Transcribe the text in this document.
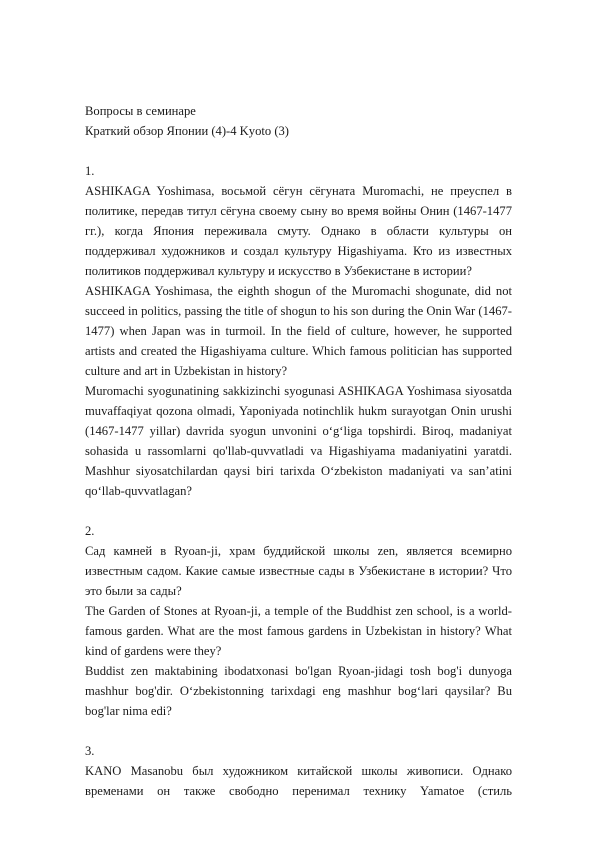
Вопросы в семинаре

Краткий обзор Японии (4)-4 Kyoto (3)

1.

ASHIKAGA Yoshimasa, восьмой сёгун сёгуната Muromachi, не преуспел в политике, передав титул сёгуна своему сыну во время войны Онин (1467-1477 гг.), когда Япония переживала смуту. Однако в области культуры он поддерживал художников и создал культуру Higashiyama. Кто из известных политиков поддерживал культуру и искусство в Узбекистане в истории?

ASHIKAGA Yoshimasa, the eighth shogun of the Muromachi shogunate, did not succeed in politics, passing the title of shogun to his son during the Onin War (1467-1477) when Japan was in turmoil. In the field of culture, however, he supported artists and created the Higashiyama culture. Which famous politician has supported culture and art in Uzbekistan in history?

Muromachi syogunatining sakkizinchi syogunasi ASHIKAGA Yoshimasa siyosatda muvaffaqiyat qozona olmadi, Yaponiyada notinchlik hukm surayotgan Onin urushi (1467-1477 yillar) davrida syogun unvonini o‘g‘liga topshirdi. Biroq, madaniyat sohasida u rassomlarni qo'llab-quvvatladi va Higashiyama madaniyatini yaratdi. Mashhur siyosatchilardan qaysi biri tarixda O‘zbekiston madaniyati va san’atini qo‘llab-quvvatlagan?

2.

Сад камней в Ryoan-ji, храм буддийской школы zen, является всемирно известным садом. Какие самые известные сады в Узбекистане в истории? Что это были за сады?

The Garden of Stones at Ryoan-ji, a temple of the Buddhist zen school, is a world-famous garden. What are the most famous gardens in Uzbekistan in history? What kind of gardens were they?

Buddist zen maktabining ibodatxonasi bo'lgan Ryoan-jidagi tosh bog'i dunyoga mashhur bog'dir. O‘zbekistonning tarixdagi eng mashhur bog‘lari qaysilar? Bu bog'lar nima edi?

3.

KANO Masanobu был художником китайской школы живописи. Однако временами он также свободно перенимал технику Yamatoe (стиль
